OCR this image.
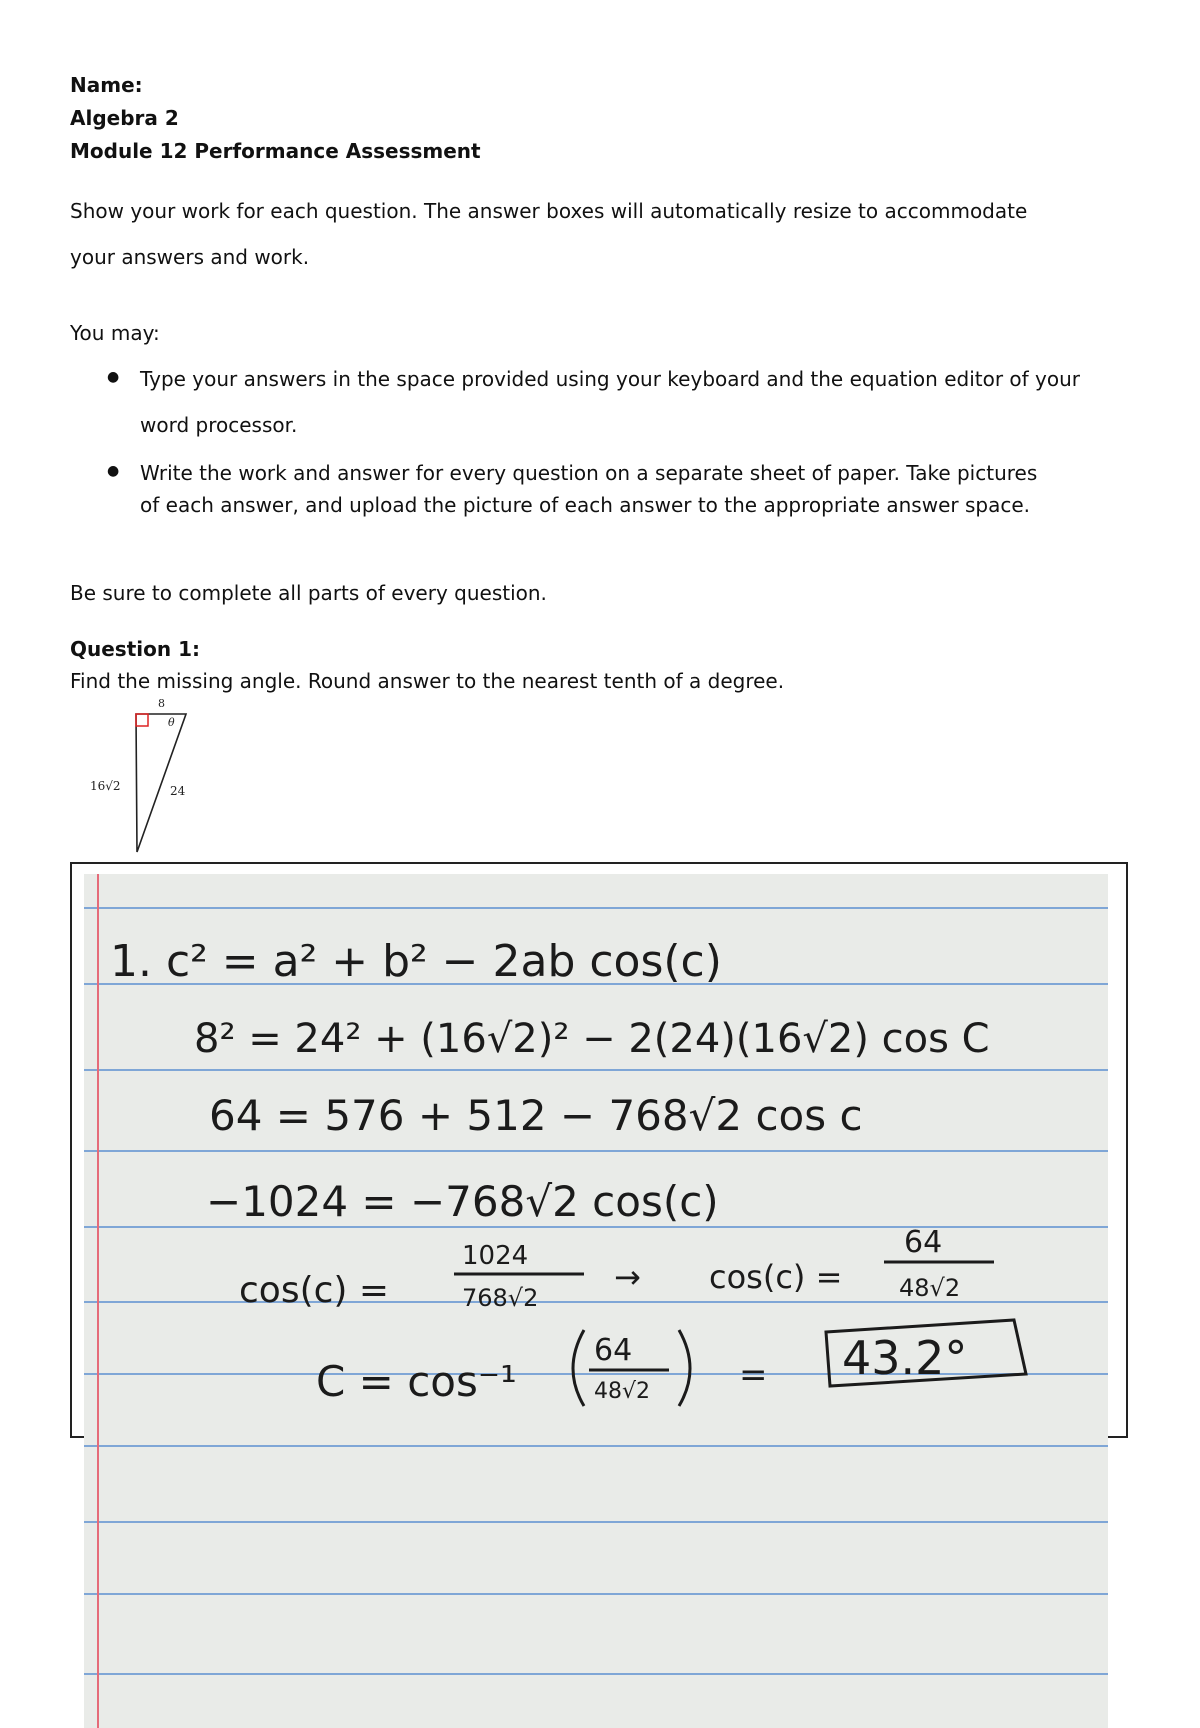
Name:
Algebra 2
Module 12 Performance Assessment
Show your work for each question. The answer boxes will automatically resize to accommodate
your answers and work.
You may:
● Type your answers in the space provided using your keyboard and the equation editor of your
word processor.
● Write the work and answer for every question on a separate sheet of paper. Take pictures
of each answer, and upload the picture of each answer to the appropriate answer space.
Be sure to complete all parts of every question.
Question 1:
Find the missing angle. Round answer to the nearest tenth of a degree.
8
θ
16√2	24
1. c² = a² + b² − 2ab cos(c)
8² = 24² + (16√2)² − 2(24)(16√2) cos C
64 = 576 + 512 − 768√2 cos c
−1024 = −768√2 cos(c)
cos(c) =
1024
768√2
→ cos(c) =
64
48√2
C = cos⁻¹
64
48√2	= 43.2°
